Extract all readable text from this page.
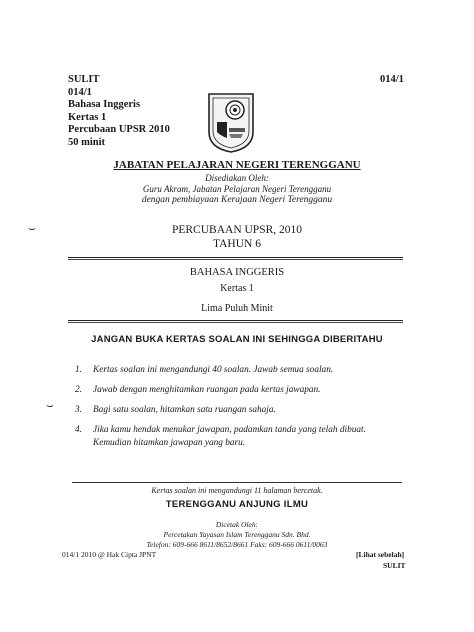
SULIT
014/1
Bahasa Inggeris
Kertas 1
Percubaan UPSR 2010
50 minit
014/1
JABATAN PELAJARAN NEGERI TERENGGANU
Disediakan Oleh:
Guru Akram, Jabatan Pelajaran Negeri Terengganu
dengan pembiayaan Kerajaan Negeri Terengganu
⌣	PERCUBAAN UPSR, 2010
TAHUN 6
BAHASA INGGERIS
Kertas 1
Lima Puluh Minit
JANGAN BUKA KERTAS SOALAN INI SEHINGGA DIBERITAHU
1. Kertas soalan ini mengandungi 40 soalan. Jawab semua soalan.
2. Jawab dengan menghitamkan ruangan pada kertas jawapan.
⌣ 3. Bagi satu soalan, hitamkan satu ruangan sahaja.
4. Jika kamu hendak menukar jawapan, padamkan tanda yang telah dibuat. Kemudian hitamkan jawapan yang baru.
Kertas soalan ini mengandungi 11 halaman bercetak.
TERENGGANU ANJUNG ILMU
Dicetak Oleh:
Percetakan Yayasan Islam Terengganu Sdn. Bhd.
Telefon: 609-666 8611/8652/8661 Faks: 609-666 0611/0063
014/1 2010 @ Hak Cipta JPNT	[Lihat sebelah]
SULIT
